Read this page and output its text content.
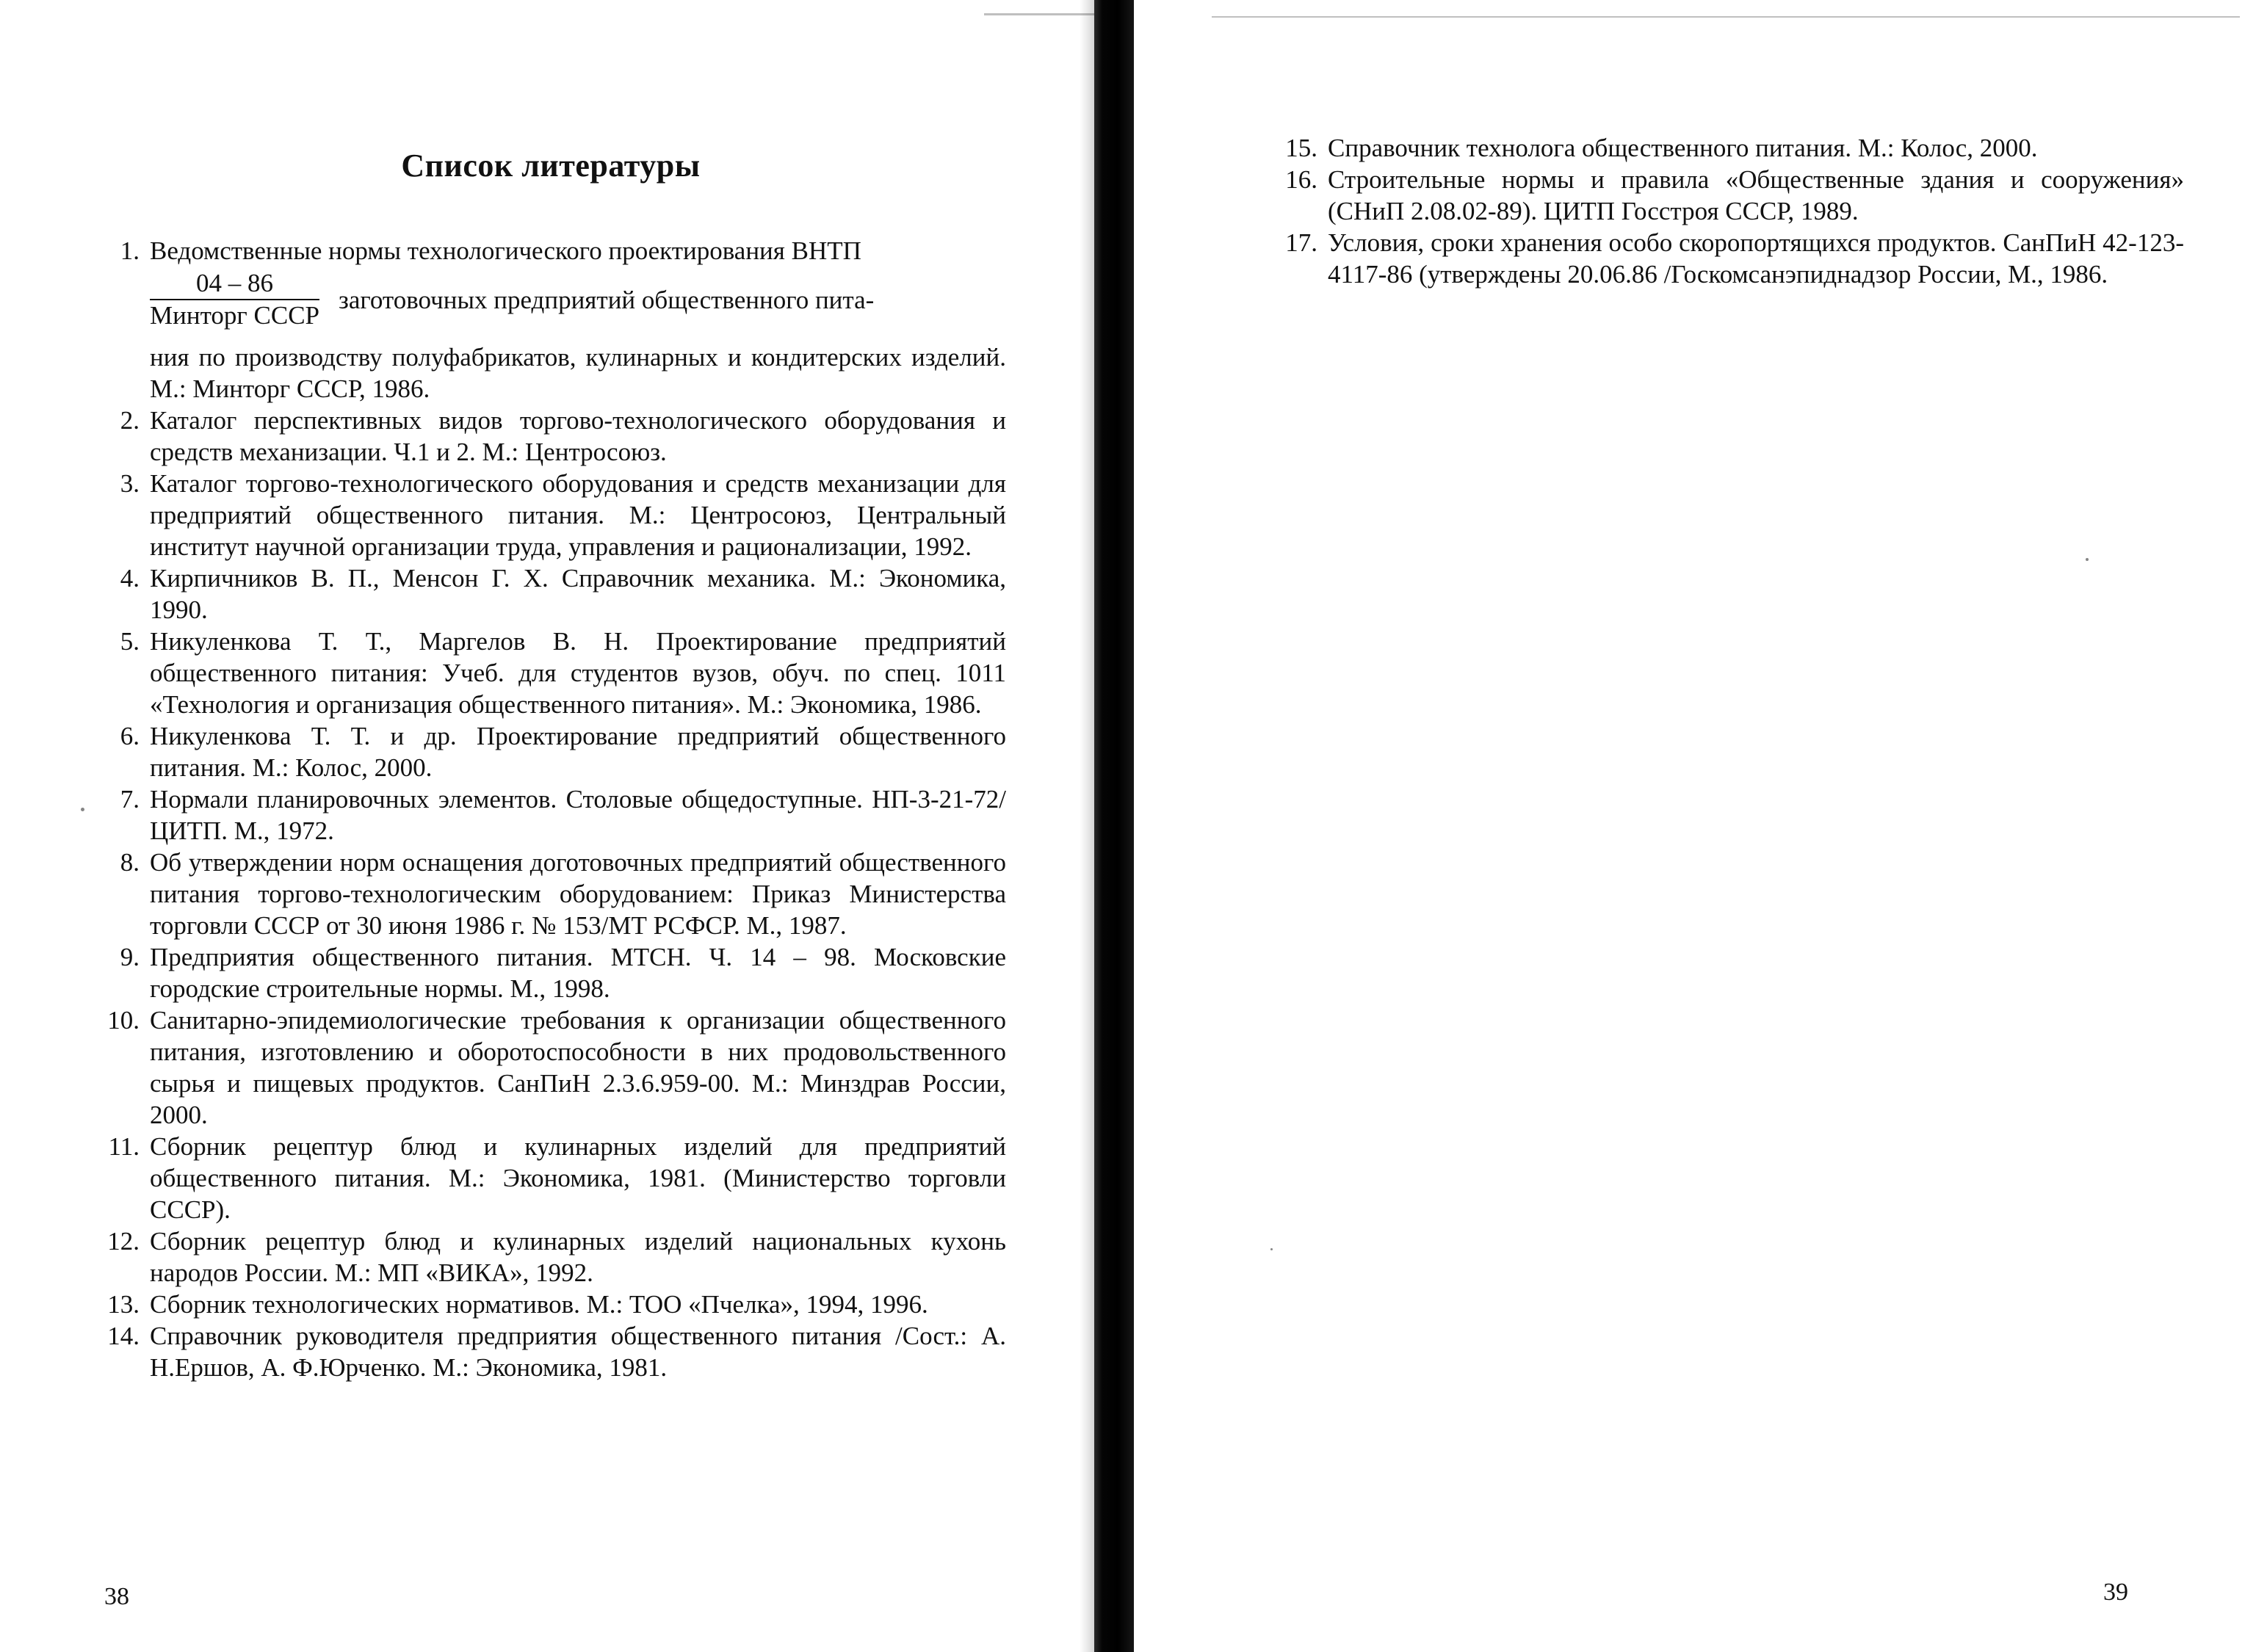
Список литературы
1. Ведомственные нормы технологического проектирования ВНТП
$\frac{04 - 86}{\text{Минторг СССР}}$ заготовочных предприятий общественного пита-
ния по производству полуфабрикатов, кулинарных и кондитерских изделий. М.: Минторг СССР, 1986.
2. Каталог перспективных видов торгово-технологического оборудования и средств механизации. Ч.1 и 2. М.: Центросоюз.
3. Каталог торгово-технологического оборудования и средств механизации для предприятий общественного питания. М.: Центросоюз, Центральный институт научной организации труда, управления и рационализации, 1992.
4. Кирпичников В. П., Менсон Г. Х. Справочник механика. М.: Экономика, 1990.
5. Никуленкова Т. Т., Маргелов В. Н. Проектирование предприятий общественного питания: Учеб. для студентов вузов, обуч. по спец. 1011 «Технология и организация общественного питания». М.: Экономика, 1986.
6. Никуленкова Т. Т. и др. Проектирование предприятий общественного питания. М.: Колос, 2000.
7. Нормали планировочных элементов. Столовые общедоступные. НП-3-21-72/ЦИТП. М., 1972.
8. Об утверждении норм оснащения доготовочных предприятий общественного питания торгово-технологическим оборудованием: Приказ Министерства торговли СССР от 30 июня 1986 г. № 153/МТ РСФСР. М., 1987.
9. Предприятия общественного питания. МТСН. Ч. 14 – 98. Московские городские строительные нормы. М., 1998.
10. Санитарно-эпидемиологические требования к организации общественного питания, изготовлению и оборотоспособности в них продовольственного сырья и пищевых продуктов. СанПиН 2.3.6.959-00. М.: Минздрав России, 2000.
11. Сборник рецептур блюд и кулинарных изделий для предприятий общественного питания. М.: Экономика, 1981. (Министерство торговли СССР).
12. Сборник рецептур блюд и кулинарных изделий национальных кухонь народов России. М.: МП «ВИКА», 1992.
13. Сборник технологических нормативов. М.: ТОО «Пчелка», 1994, 1996.
14. Справочник руководителя предприятия общественного питания /Сост.: А. Н.Ершов, А. Ф.Юрченко. М.: Экономика, 1981.
38
15. Справочник технолога общественного питания. М.: Колос, 2000.
16. Строительные нормы и правила «Общественные здания и сооружения» (СНиП 2.08.02-89). ЦИТП Госстроя СССР, 1989.
17. Условия, сроки хранения особо скоропортящихся продуктов. СанПиН 42-123-4117-86 (утверждены 20.06.86 /Госкомсанэпиднадзор России, М., 1986.
39
